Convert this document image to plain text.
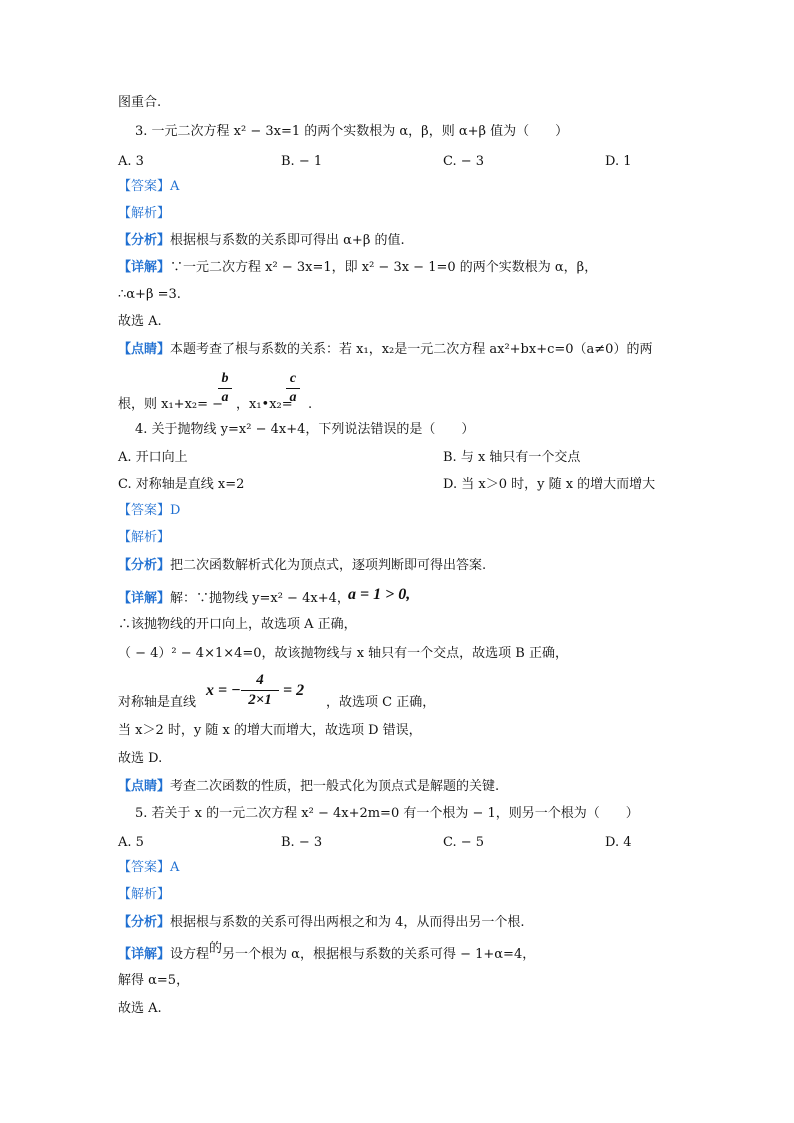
图重合.
3. 一元二次方程 x² − 3x=1 的两个实数根为 α，β，则 α+β 值为（　　）
A. 3	B. − 1	C. − 3	D. 1
【答案】A
【解析】
【分析】根据根与系数的关系即可得出 α+β 的值.
【详解】∵一元二次方程 x² − 3x=1，即 x² − 3x − 1=0 的两个实数根为 α，β，
∴α+β =3.
故选 A.
【点睛】本题考查了根与系数的关系：若 x₁，x₂是一元二次方程 ax²+bx+c=0（a≠0）的两
根，则 x₁+x₂= −
b
a ，x₁•x₂=
c
a .
4. 关于抛物线 y=x² − 4x+4，下列说法错误的是（　　）
A. 开口向上	B. 与 x 轴只有一个交点
C. 对称轴是直线 x=2	D. 当 x＞0 时，y 随 x 的增大而增大
【答案】D
【解析】
【分析】把二次函数解析式化为顶点式，逐项判断即可得出答案.
【详解】解：∵抛物线 y=x² − 4x+4，
a = 1 > 0,
∴该抛物线的开口向上，故选项 A 正确，
（ − 4）² − 4×1×4=0，故该抛物线与 x 轴只有一个交点，故选项 B 正确，
对称轴是直线
x = −
4
2×1
= 2
，故选项 C 正确，
当 x＞2 时，y 随 x 的增大而增大，故选项 D 错误，
故选 D.
【点睛】考查二次函数的性质，把一般式化为顶点式是解题的关键.
5. 若关于 x 的一元二次方程 x² − 4x+2m=0 有一个根为 − 1，则另一个根为（　　）
A. 5	B. − 3	C. − 5	D. 4
【答案】A
【解析】
【分析】根据根与系数的关系可得出两根之和为 4，从而得出另一个根.
【详解】设方程的另一个根为 α，根据根与系数的关系可得 − 1+α=4，
解得 α=5，
故选 A.
